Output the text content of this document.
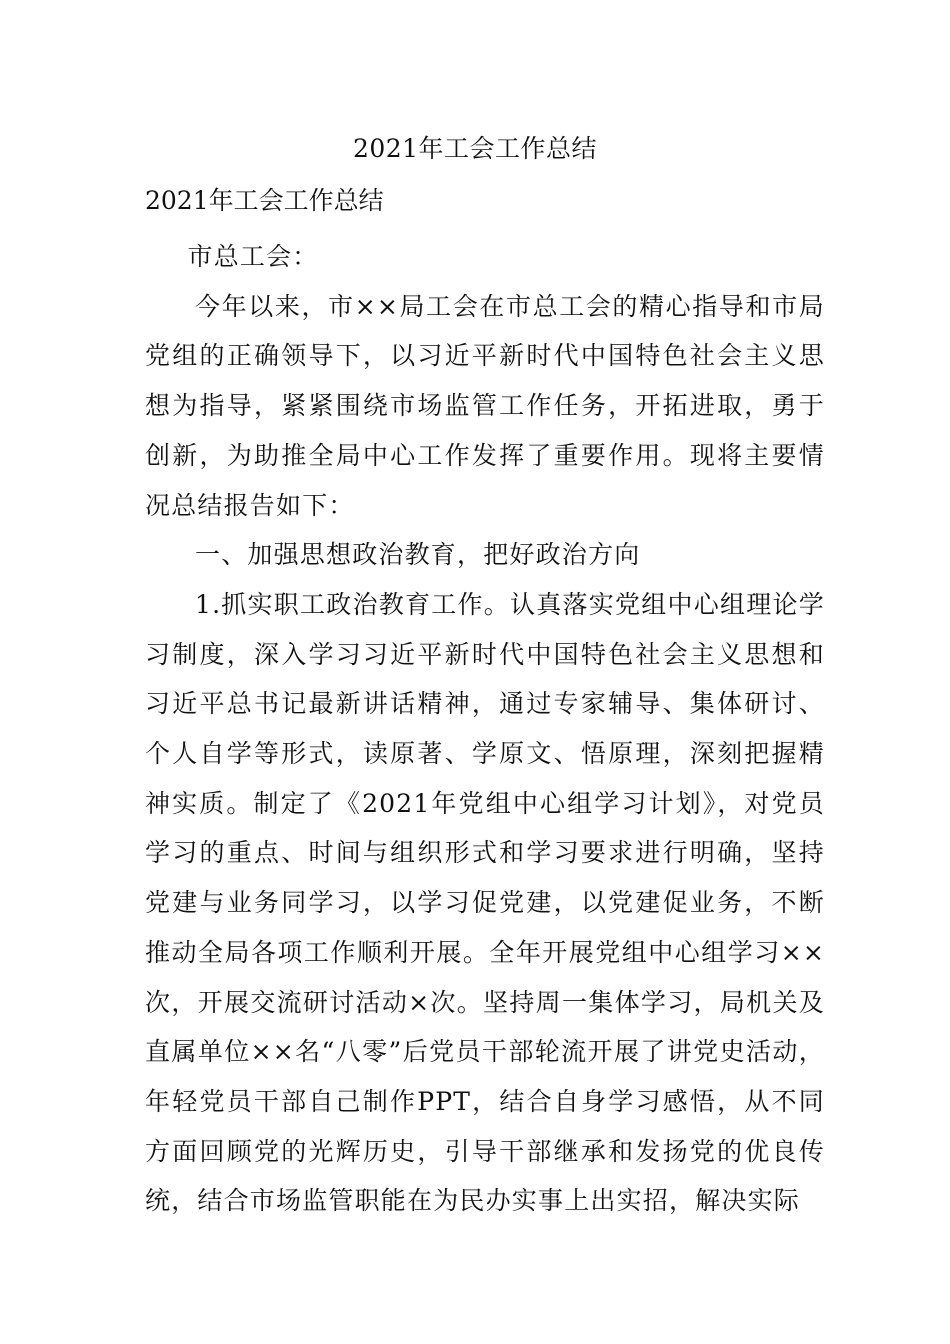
2021年工会工作总结
2021年工会工作总结

市总工会：

今年以来，市××局工会在市总工会的精心指导和市局党组的正确领导下，以习近平新时代中国特色社会主义思想为指导，紧紧围绕市场监管工作任务，开拓进取，勇于创新，为助推全局中心工作发挥了重要作用。现将主要情况总结报告如下：

一、加强思想政治教育，把好政治方向

1.抓实职工政治教育工作。认真落实党组中心组理论学习制度，深入学习习近平新时代中国特色社会主义思想和习近平总书记最新讲话精神，通过专家辅导、集体研讨、个人自学等形式，读原著、学原文、悟原理，深刻把握精神实质。制定了《2021年党组中心组学习计划》，对党员学习的重点、时间与组织形式和学习要求进行明确，坚持党建与业务同学习，以学习促党建，以党建促业务，不断推动全局各项工作顺利开展。全年开展党组中心组学习××次，开展交流研讨活动×次。坚持周一集体学习，局机关及直属单位××名“八零”后党员干部轮流开展了讲党史活动，年轻党员干部自己制作PPT，结合自身学习感悟，从不同方面回顾党的光辉历史，引导干部继承和发扬党的优良传统，结合市场监管职能在为民办实事上出实招，解决实际
